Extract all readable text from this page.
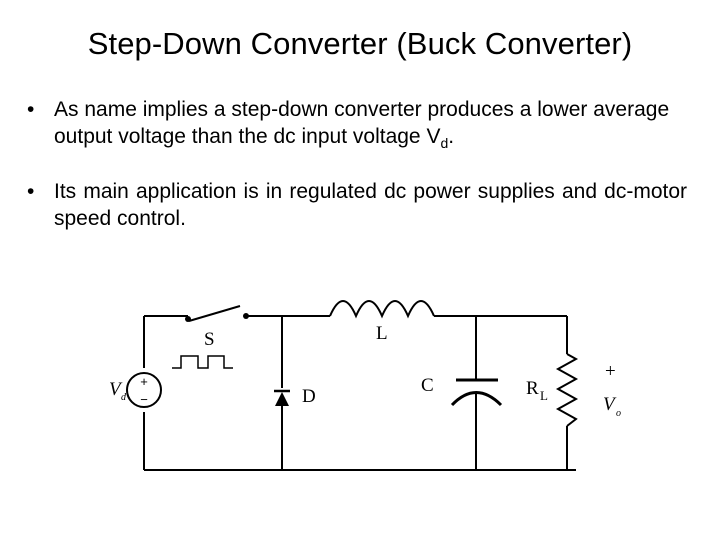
Step-Down Converter (Buck Converter)
• As name implies a step-down converter produces a lower average output voltage than the dc input voltage $V_d$.
• Its main application is in regulated dc power supplies and dc-motor speed control.
+
−
S	L
D
C	R L
V d
+
V o
